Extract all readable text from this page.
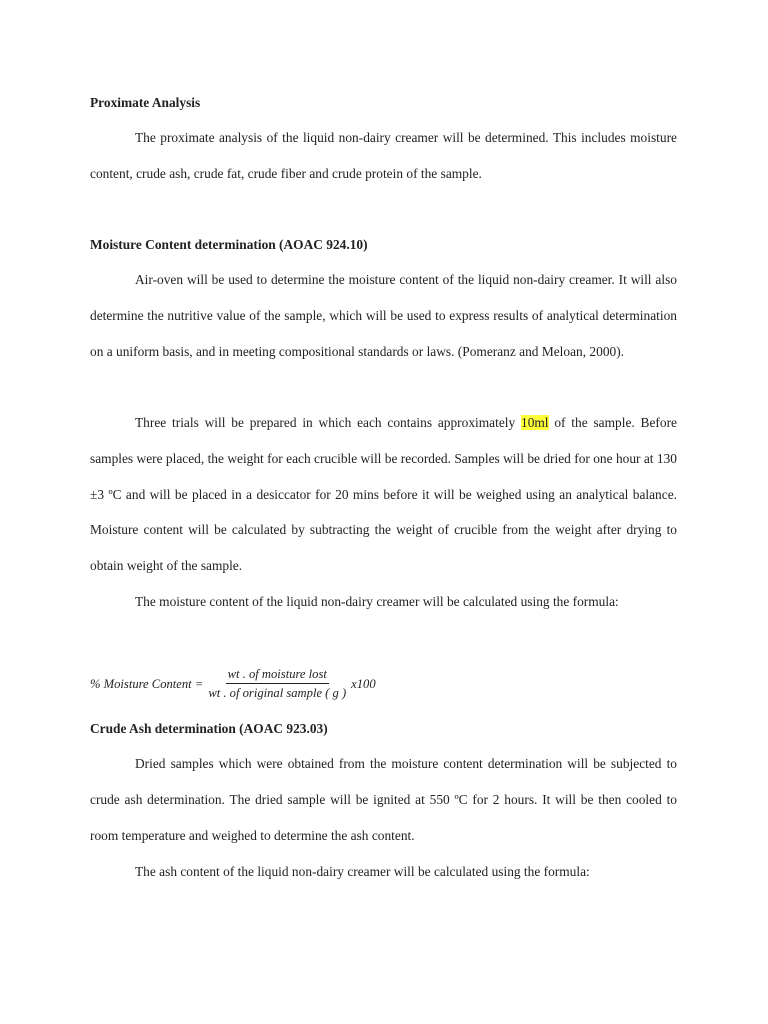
Proximate Analysis

The proximate analysis of the liquid non-dairy creamer will be determined. This includes moisture content, crude ash, crude fat, crude fiber and crude protein of the sample.

Moisture Content determination (AOAC 924.10)

Air-oven will be used to determine the moisture content of the liquid non-dairy creamer. It will also determine the nutritive value of the sample, which will be used to express results of analytical determination on a uniform basis, and in meeting compositional standards or laws. (Pomeranz and Meloan, 2000).

Three trials will be prepared in which each contains approximately 10ml of the sample. Before samples were placed, the weight for each crucible will be recorded. Samples will be dried for one hour at 130 ±3 ºC and will be placed in a desiccator for 20 mins before it will be weighed using an analytical balance. Moisture content will be calculated by subtracting the weight of crucible from the weight after drying to obtain weight of the sample.

The moisture content of the liquid non-dairy creamer will be calculated using the formula:

% Moisture Content = $\frac{\text{wt . of moisture lost}}{\text{wt . of original sample ( g )}} x100$
Crude Ash determination (AOAC 923.03)

Dried samples which were obtained from the moisture content determination will be subjected to crude ash determination. The dried sample will be ignited at 550 ºC for 2 hours. It will be then cooled to room temperature and weighed to determine the ash content.

The ash content of the liquid non-dairy creamer will be calculated using the formula:
